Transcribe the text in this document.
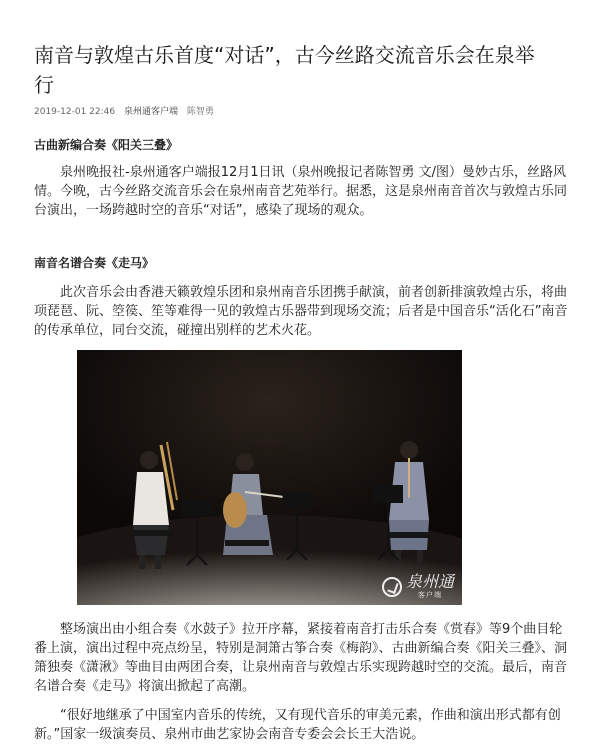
南音与敦煌古乐首度“对话”，古今丝路交流音乐会在泉举行
2019-12-01 22:46 泉州通客户端 陈智勇

古曲新编合奏《阳关三叠》

泉州晚报社-泉州通客户端报12月1日讯（泉州晚报记者陈智勇 文/图）曼妙古乐，丝路风情。今晚，古今丝路交流音乐会在泉州南音艺苑举行。据悉，这是泉州南音首次与敦煌古乐同台演出，一场跨越时空的音乐“对话”，感染了现场的观众。

南音名谱合奏《走马》

此次音乐会由香港天籁敦煌乐团和泉州南音乐团携手献演，前者创新排演敦煌古乐，将曲项琵琶、阮、箜篌、笙等难得一见的敦煌古乐器带到现场交流；后者是中国音乐“活化石”南音的传承单位，同台交流，碰撞出别样的艺术火花。

泉州通
客户端

整场演出由小组合奏《水鼓子》拉开序幕，紧接着南音打击乐合奏《赏春》等9个曲目轮番上演，演出过程中亮点纷呈，特别是洞箫古筝合奏《梅韵》、古曲新编合奏《阳关三叠》、洞箫独奏《潇湫》等曲目由两团合奏，让泉州南音与敦煌古乐实现跨越时空的交流。最后，南音名谱合奏《走马》将演出掀起了高潮。

“很好地继承了中国室内音乐的传统，又有现代音乐的审美元素，作曲和演出形式都有创新。”国家一级演奏员、泉州市曲艺家协会南音专委会会长王大浩说。
